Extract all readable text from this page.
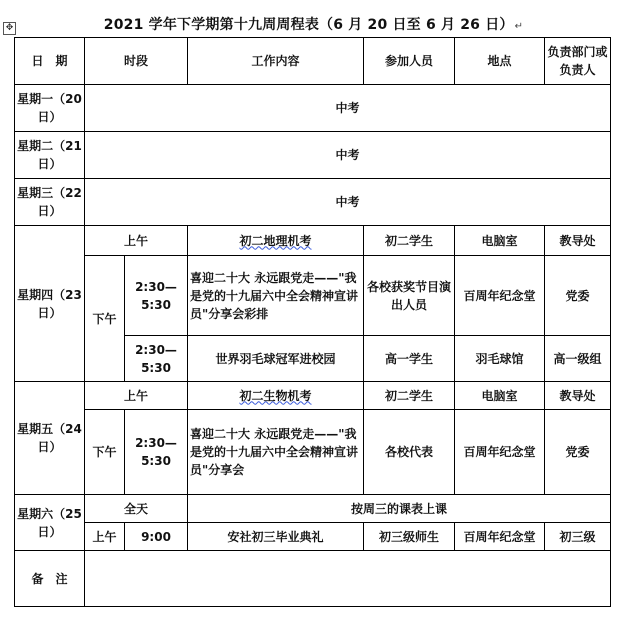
2021 学年下学期第十九周周程表（6 月 20 日至 6 月 26 日）↵
✥
日　期	时段		工作内容	参加人员	地点	负责部门或负责人
星期一（20 日）	中考					
星期二（21 日）	中考					
星期三（22 日）	中考					
星期四（23 日）	上午		初二地理机考	初二学生	电脑室	教导处
	下午	2:30—5:30	喜迎二十大 永远跟党走——"我是党的十九届六中全会精神宣讲员"分享会彩排	各校获奖节目演出人员	百周年纪念堂	党委
		2:30—5:30	世界羽毛球冠军进校园	高一学生	羽毛球馆	高一级组
星期五（24 日）	上午		初二生物机考	初二学生	电脑室	教导处
	下午	2:30—5:30	喜迎二十大 永远跟党走——"我是党的十九届六中全会精神宣讲员"分享会	各校代表	百周年纪念堂	党委
星期六（25 日）	全天		按周三的课表上课			
	上午	9:00	安社初三毕业典礼	初三级师生	百周年纪念堂	初三级
备　注						
